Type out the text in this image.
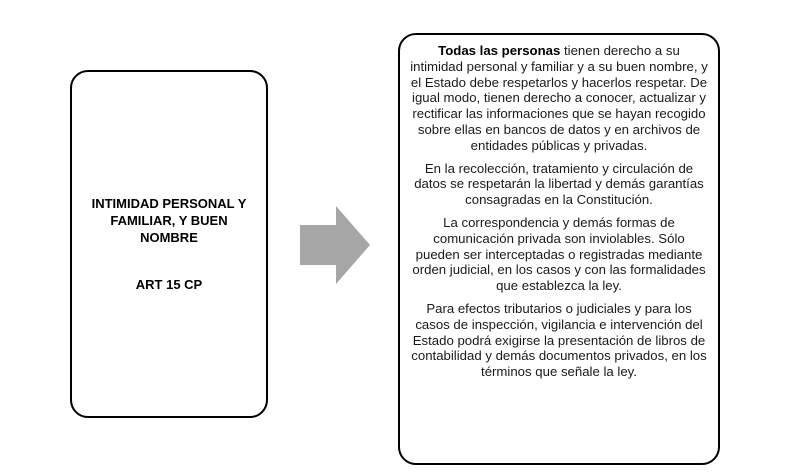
INTIMIDAD PERSONAL Y
FAMILIAR, Y BUEN
NOMBRE
ART 15 CP

Todas las personas tienen derecho a su intimidad personal y familiar y a su buen nombre, y el Estado debe respetarlos y hacerlos respetar. De igual modo, tienen derecho a conocer, actualizar y rectificar las informaciones que se hayan recogido sobre ellas en bancos de datos y en archivos de entidades públicas y privadas.

En la recolección, tratamiento y circulación de datos se respetarán la libertad y demás garantías consagradas en la Constitución.

La correspondencia y demás formas de comunicación privada son inviolables. Sólo pueden ser interceptadas o registradas mediante orden judicial, en los casos y con las formalidades que establezca la ley.

Para efectos tributarios o judiciales y para los casos de inspección, vigilancia e intervención del Estado podrá exigirse la presentación de libros de contabilidad y demás documentos privados, en los términos que señale la ley.
